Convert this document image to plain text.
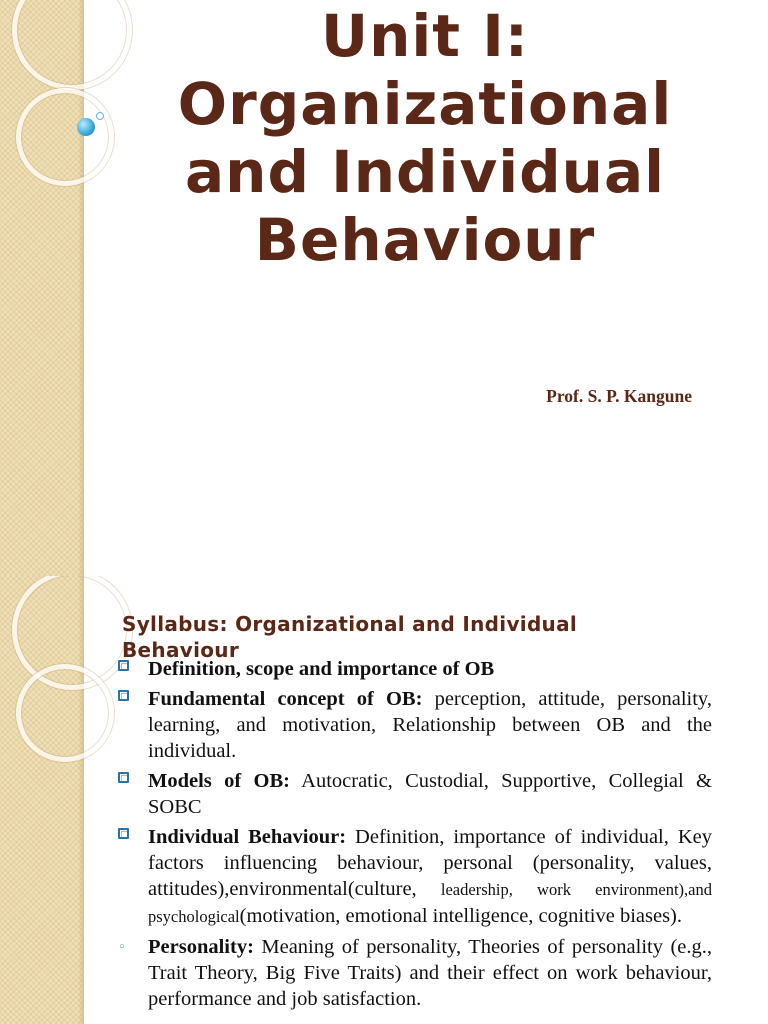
Unit I:
Organizational
and Individual
Behaviour
Prof. S. P. Kangune
Syllabus: Organizational and Individual Behaviour
Definition, scope and importance of OB
Fundamental concept of OB: perception, attitude, personality, learning, and motivation, Relationship between OB and the individual.
Models of OB: Autocratic, Custodial, Supportive, Collegial & SOBC
Individual Behaviour: Definition, importance of individual, Key factors influencing behaviour, personal (personality, values, attitudes),environmental(culture, leadership, work environment),and psychological(motivation, emotional intelligence, cognitive biases).
◦ Personality: Meaning of personality, Theories of personality (e.g., Trait Theory, Big Five Traits) and their effect on work behaviour, performance and job satisfaction.
